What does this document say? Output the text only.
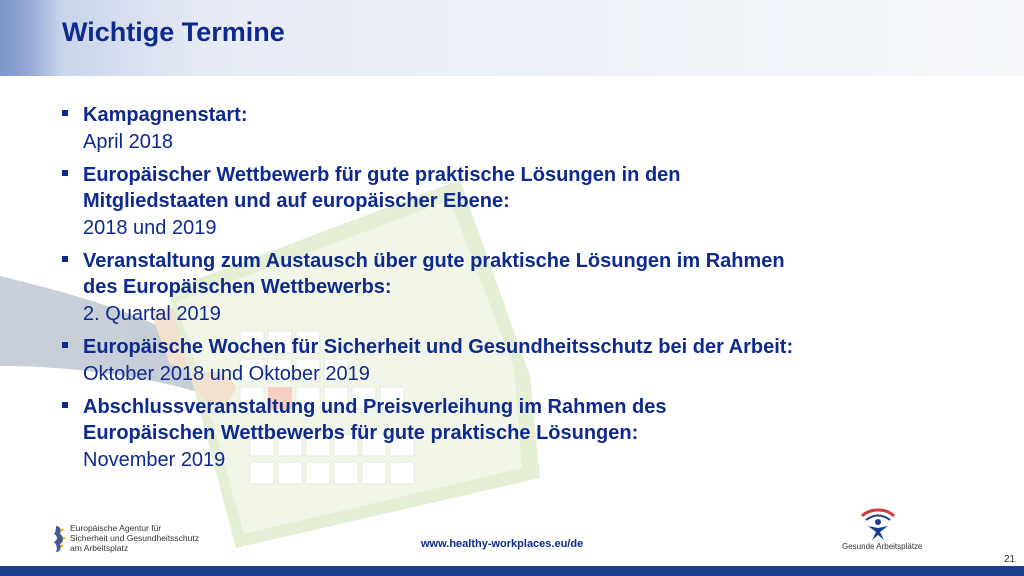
Wichtige Termine
Kampagnenstart:
April 2018
Europäischer Wettbewerb für gute praktische Lösungen in den
Mitgliedstaaten und auf europäischer Ebene:
2018 und 2019
Veranstaltung zum Austausch über gute praktische Lösungen im Rahmen
des Europäischen Wettbewerbs:
2. Quartal 2019
Europäische Wochen für Sicherheit und Gesundheitsschutz bei der Arbeit:
Oktober 2018 und Oktober 2019
Abschlussveranstaltung und Preisverleihung im Rahmen des
Europäischen Wettbewerbs für gute praktische Lösungen:
November 2019
Europäische Agentur für
Sicherheit und Gesundheitsschutz
am Arbeitsplatz	www.healthy-workplaces.eu/de	Gesunde Arbeitsplätze
21
